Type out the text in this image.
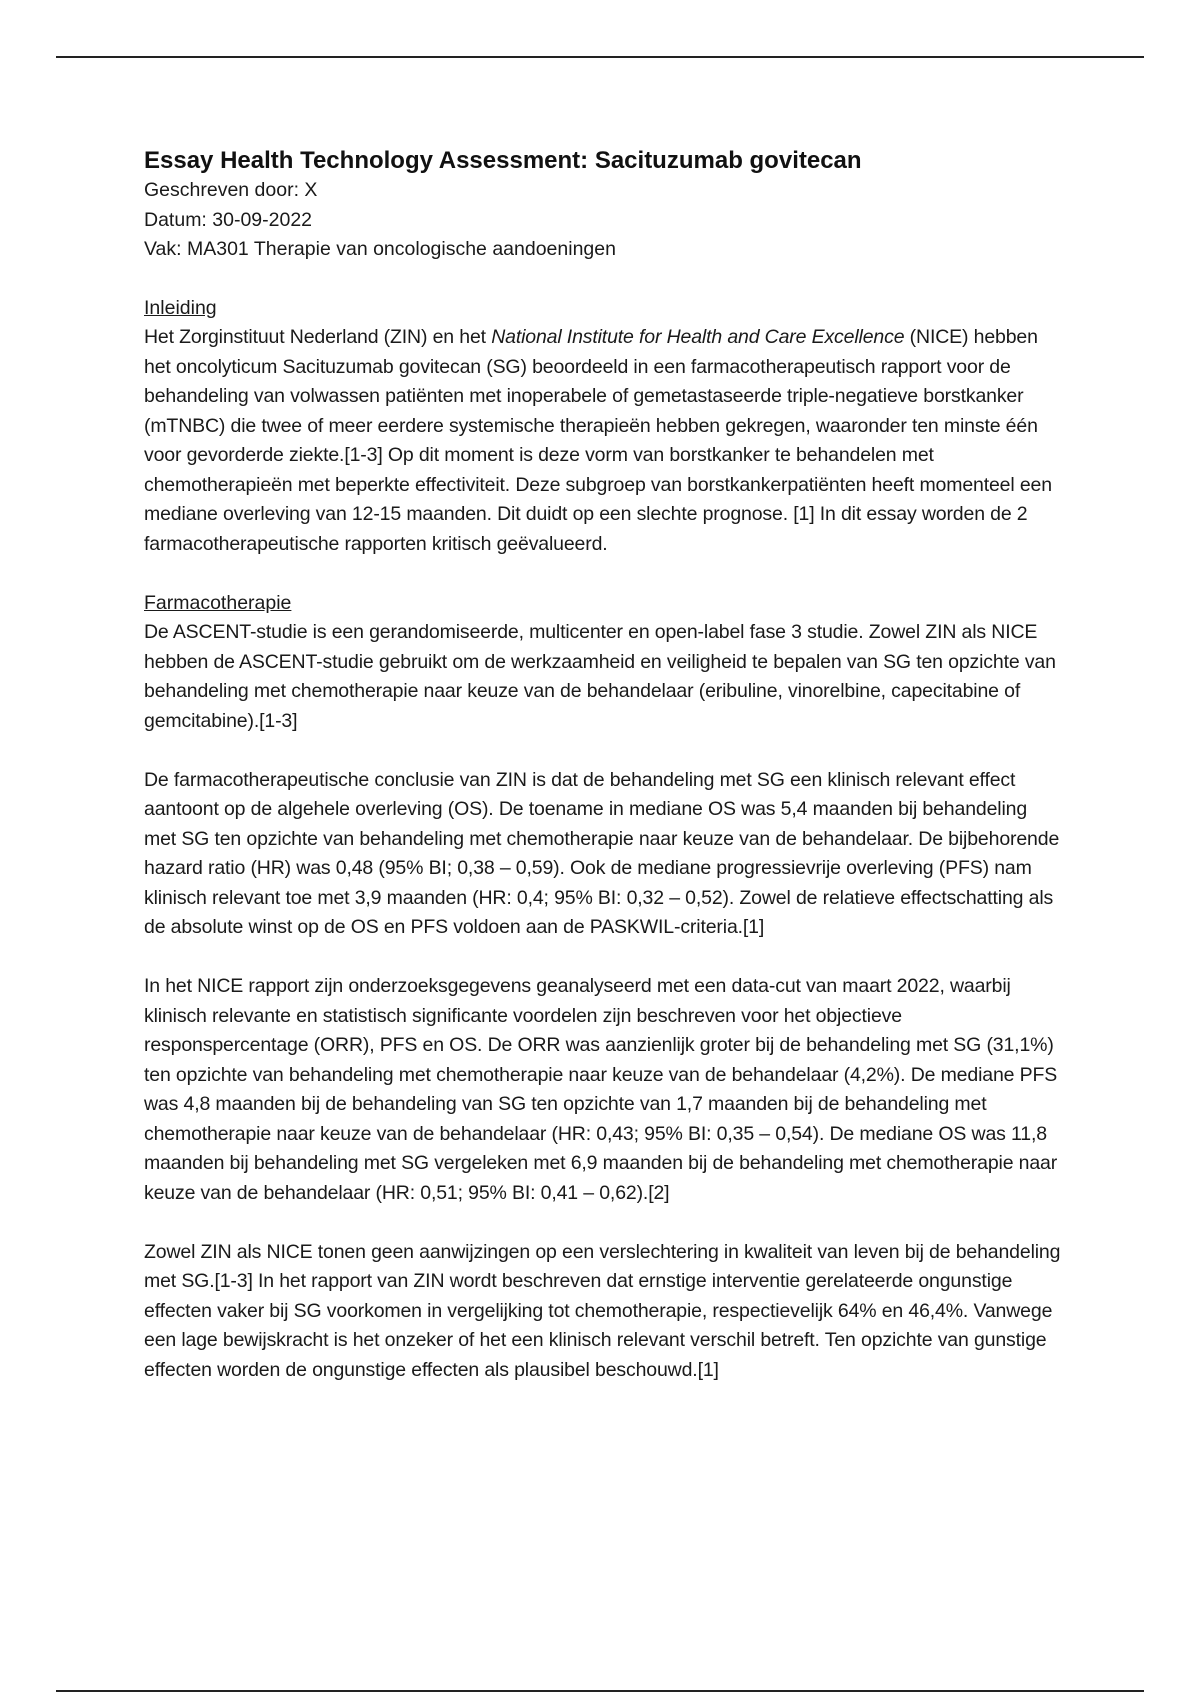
Essay Health Technology Assessment: Sacituzumab govitecan

Geschreven door: X

Datum: 30-09-2022

Vak: MA301 Therapie van oncologische aandoeningen

Inleiding

Het Zorginstituut Nederland (ZIN) en het National Institute for Health and Care Excellence (NICE) hebben het oncolyticum Sacituzumab govitecan (SG) beoordeeld in een farmacotherapeutisch rapport voor de behandeling van volwassen patiënten met inoperabele of gemetastaseerde triple-negatieve borstkanker (mTNBC) die twee of meer eerdere systemische therapieën hebben gekregen, waaronder ten minste één voor gevorderde ziekte.[1-3] Op dit moment is deze vorm van borstkanker te behandelen met chemotherapieën met beperkte effectiviteit. Deze subgroep van borstkankerpatiënten heeft momenteel een mediane overleving van 12-15 maanden. Dit duidt op een slechte prognose. [1] In dit essay worden de 2 farmacotherapeutische rapporten kritisch geëvalueerd.

Farmacotherapie

De ASCENT-studie is een gerandomiseerde, multicenter en open-label fase 3 studie. Zowel ZIN als NICE hebben de ASCENT-studie gebruikt om de werkzaamheid en veiligheid te bepalen van SG ten opzichte van behandeling met chemotherapie naar keuze van de behandelaar (eribuline, vinorelbine, capecitabine of gemcitabine).[1-3]

De farmacotherapeutische conclusie van ZIN is dat de behandeling met SG een klinisch relevant effect aantoont op de algehele overleving (OS). De toename in mediane OS was 5,4 maanden bij behandeling met SG ten opzichte van behandeling met chemotherapie naar keuze van de behandelaar. De bijbehorende hazard ratio (HR) was 0,48 (95% BI; 0,38 – 0,59). Ook de mediane progressievrije overleving (PFS) nam klinisch relevant toe met 3,9 maanden (HR: 0,4; 95% BI: 0,32 – 0,52). Zowel de relatieve effectschatting als de absolute winst op de OS en PFS voldoen aan de PASKWIL-criteria.[1]

In het NICE rapport zijn onderzoeksgegevens geanalyseerd met een data-cut van maart 2022, waarbij klinisch relevante en statistisch significante voordelen zijn beschreven voor het objectieve responspercentage (ORR), PFS en OS. De ORR was aanzienlijk groter bij de behandeling met SG (31,1%) ten opzichte van behandeling met chemotherapie naar keuze van de behandelaar (4,2%). De mediane PFS was 4,8 maanden bij de behandeling van SG ten opzichte van 1,7 maanden bij de behandeling met chemotherapie naar keuze van de behandelaar (HR: 0,43; 95% BI: 0,35 – 0,54). De mediane OS was 11,8 maanden bij behandeling met SG vergeleken met 6,9 maanden bij de behandeling met chemotherapie naar keuze van de behandelaar (HR: 0,51; 95% BI: 0,41 – 0,62).[2]

Zowel ZIN als NICE tonen geen aanwijzingen op een verslechtering in kwaliteit van leven bij de behandeling met SG.[1-3] In het rapport van ZIN wordt beschreven dat ernstige interventie gerelateerde ongunstige effecten vaker bij SG voorkomen in vergelijking tot chemotherapie, respectievelijk 64% en 46,4%. Vanwege een lage bewijskracht is het onzeker of het een klinisch relevant verschil betreft. Ten opzichte van gunstige effecten worden de ongunstige effecten als plausibel beschouwd.[1]
